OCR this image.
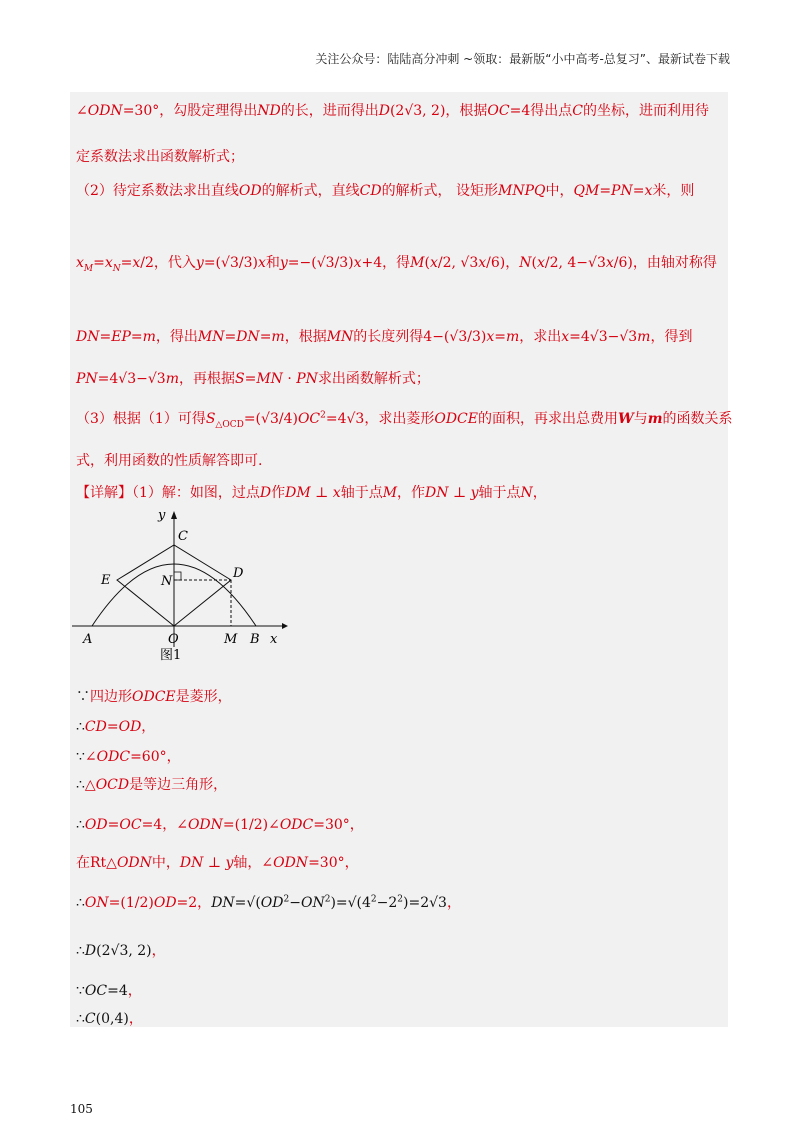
关注公众号：陆陆高分冲刺 ~领取：最新版“小中高考-总复习”、最新试卷下载
∠ODN=30°，勾股定理得出ND的长，进而得出D(2√3, 2)，根据OC=4得出点C的坐标，进而利用待
定系数法求出函数解析式；
（2）待定系数法求出直线OD的解析式，直线CD的解析式， 设矩形MNPQ中，QM=PN=x米，则
$x_M=x_N=x/2$，代入y=(√3/3)x和y=−(√3/3)x+4，得M(x/2, √3x/6)，N(x/2, 4−√3x/6)，由轴对称得
DN=EP=m，得出MN=DN=m，根据MN的长度列得4−(√3/3)x=m，求出x=4√3−√3m，得到
PN=4√3−√3m，再根据S=MN · PN求出函数解析式；
（3）根据（1）可得$S_{\triangle OCD}=(√3/4)OC^2=4√3$，求出菱形ODCE的面积，再求出总费用W与m的函数关系
式，利用函数的性质解答即可.
【详解】（1）解：如图，过点D作DM ⊥ x轴于点M，作DN ⊥ y轴于点N，
y
C
E	N
D
A	O	M B x
图1
∵四边形ODCE是菱形，
∴CD=OD，
∵∠ODC=60°，
∴△OCD是等边三角形，
∴OD=OC=4，∠ODN=(1/2)∠ODC=30°，
在Rt△ODN中，DN ⊥ y轴，∠ODN=30°，
∴ON=(1/2)OD=2，$DN=√(OD^2-ON^2)=√(4^2-2^2)=2√3$，
∴D(2√3, 2)，
∵OC=4，
∴C(0,4)，
105
